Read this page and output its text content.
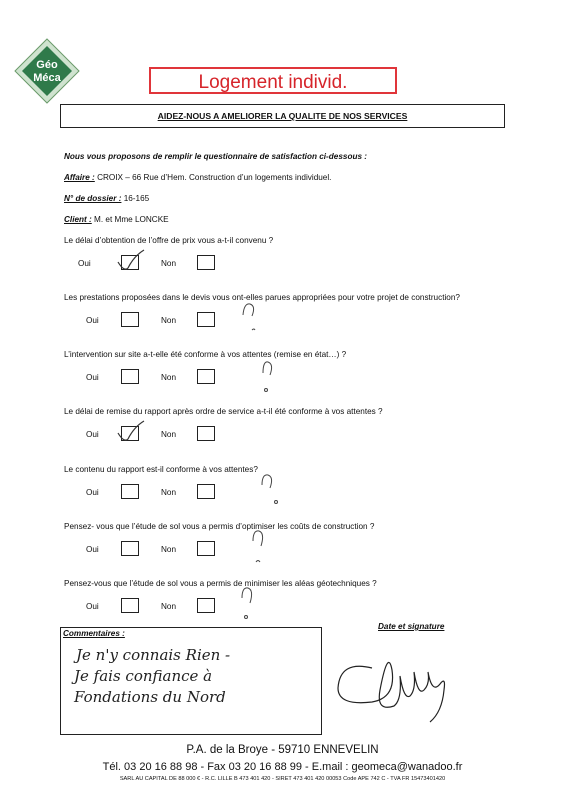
Géo
Méca	Logement individ.
AIDEZ-NOUS A AMELIORER LA QUALITE DE NOS SERVICES
Nous vous proposons de remplir le questionnaire de satisfaction ci-dessous :
Affaire : CROIX – 66 Rue d’Hem. Construction d’un logements individuel.
N° de dossier : 16-165
Client : M. et Mme LONCKE
Le délai d’obtention de l’offre de prix vous a-t-il convenu ?
Oui	Non
Les prestations proposées dans le devis vous ont-elles parues appropriées pour votre projet de construction?
Oui	Non
L’intervention sur site a-t-elle été conforme à vos attentes (remise en état…) ?
Oui	Non
Le délai de remise du rapport après ordre de service a-t-il été conforme à vos attentes ?
Oui	Non
Le contenu du rapport est-il conforme à vos attentes?
Oui	Non
Pensez- vous que l’étude de sol vous a permis d’optimiser les coûts de construction ?
Oui	Non
Pensez-vous que l’étude de sol vous a permis de minimiser les aléas géotechniques ?
Oui	Non
Commentaires :
Je n'y connais Rien -
Je fais confiance à
Fondations du Nord
Date et signature
P.A. de la Broye - 59710 ENNEVELIN
Tél. 03 20 16 88 98 - Fax 03 20 16 88 99 - E.mail : geomeca@wanadoo.fr
SARL AU CAPITAL DE 88 000 € - R.C. LILLE B 473 401 420 - SIRET 473 401 420 00053 Code APE 742 C - TVA FR 15473401420
